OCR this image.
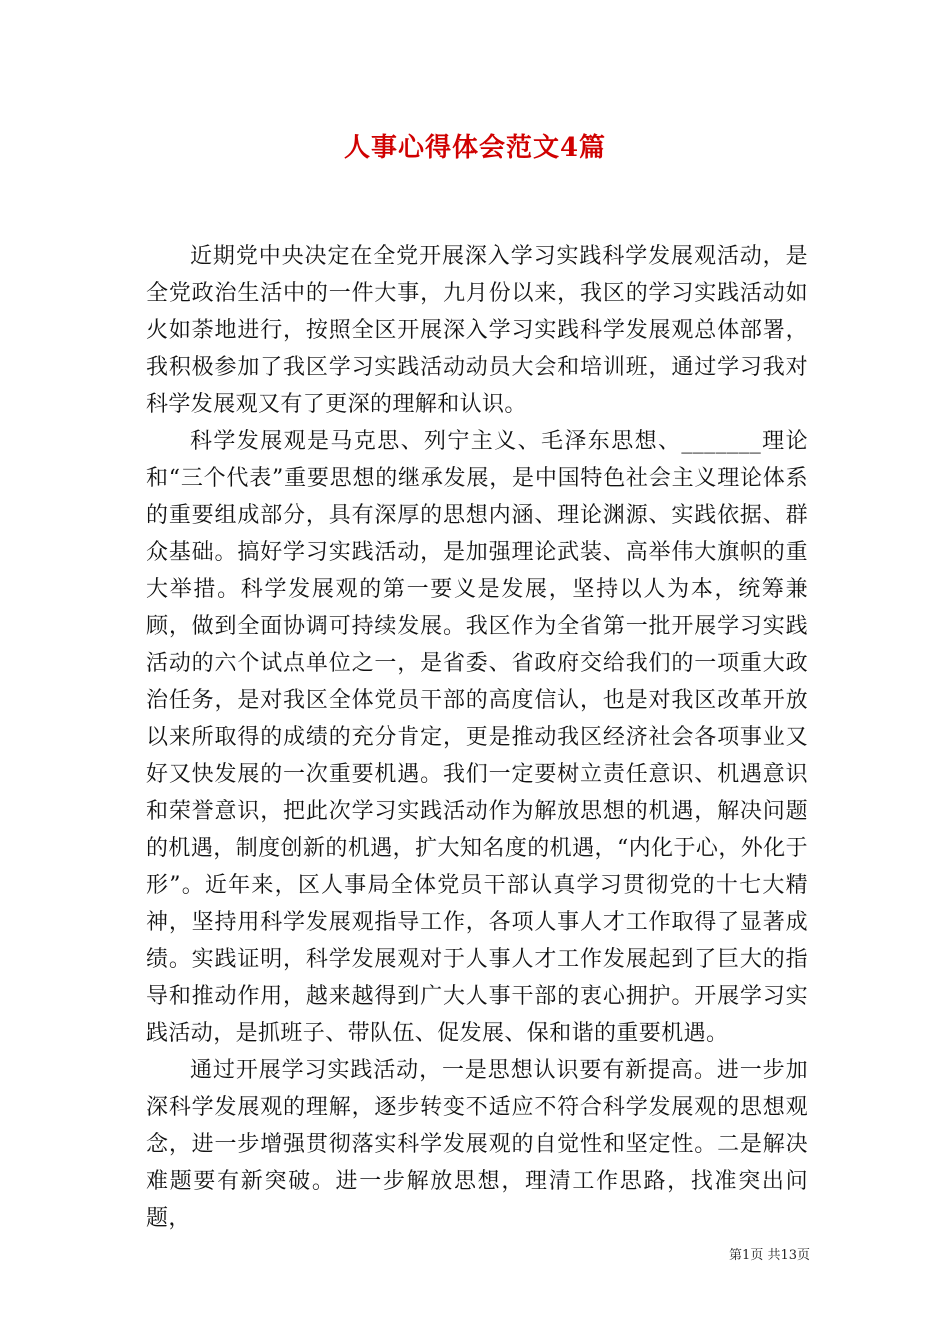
人事心得体会范文4篇

近期党中央决定在全党开展深入学习实践科学发展观活动，是全党政治生活中的一件大事，九月份以来，我区的学习实践活动如火如荼地进行，按照全区开展深入学习实践科学发展观总体部署，我积极参加了我区学习实践活动动员大会和培训班，通过学习我对科学发展观又有了更深的理解和认识。

科学发展观是马克思、列宁主义、毛泽东思想、_______理论和“三个代表”重要思想的继承发展，是中国特色社会主义理论体系的重要组成部分，具有深厚的思想内涵、理论渊源、实践依据、群众基础。搞好学习实践活动，是加强理论武装、高举伟大旗帜的重大举措。科学发展观的第一要义是发展，坚持以人为本，统筹兼顾，做到全面协调可持续发展。我区作为全省第一批开展学习实践活动的六个试点单位之一，是省委、省政府交给我们的一项重大政治任务，是对我区全体党员干部的高度信认，也是对我区改革开放以来所取得的成绩的充分肯定，更是推动我区经济社会各项事业又好又快发展的一次重要机遇。我们一定要树立责任意识、机遇意识和荣誉意识，把此次学习实践活动作为解放思想的机遇，解决问题的机遇，制度创新的机遇，扩大知名度的机遇，“内化于心，外化于形”。近年来，区人事局全体党员干部认真学习贯彻党的十七大精神，坚持用科学发展观指导工作，各项人事人才工作取得了显著成绩。实践证明，科学发展观对于人事人才工作发展起到了巨大的指导和推动作用，越来越得到广大人事干部的衷心拥护。开展学习实践活动，是抓班子、带队伍、促发展、保和谐的重要机遇。

通过开展学习实践活动，一是思想认识要有新提高。进一步加深科学发展观的理解，逐步转变不适应不符合科学发展观的思想观念，进一步增强贯彻落实科学发展观的自觉性和坚定性。二是解决难题要有新突破。进一步解放思想，理清工作思路，找准突出问题，

第1页 共13页
